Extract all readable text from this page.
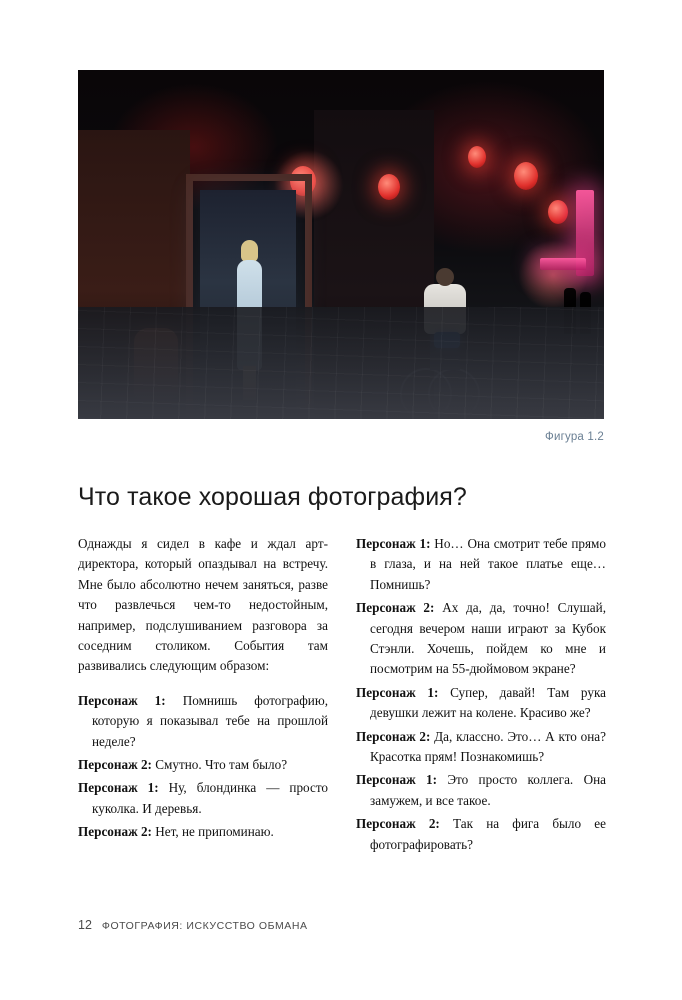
Фигура 1.2
Что такое хорошая фотография?

Однажды я сидел в кафе и ждал арт-директора, который опаздывал на встречу. Мне было абсолютно нечем заняться, разве что развлечься чем-то недостойным, например, подслушиванием разговора за соседним столиком. События там развивались следующим образом:

Персонаж 1: Помнишь фотографию, которую я показывал тебе на прошлой неделе?

Персонаж 2: Смутно. Что там было?

Персонаж 1: Ну, блондинка — просто куколка. И деревья.

Персонаж 2: Нет, не припоминаю.

Персонаж 1: Но… Она смотрит тебе прямо в глаза, и на ней такое платье еще… Помнишь?

Персонаж 2: Ах да, да, точно! Слушай, сегодня вечером наши играют за Кубок Стэнли. Хочешь, пойдем ко мне и посмотрим на 55-дюймовом экране?

Персонаж 1: Супер, давай! Там рука девушки лежит на колене. Красиво же?

Персонаж 2: Да, классно. Это… А кто она? Красотка прям! Познакомишь?

Персонаж 1: Это просто коллега. Она замужем, и все такое.

Персонаж 2: Так на фига было ее фотографировать?

12 ФОТОГРАФИЯ: ИСКУССТВО ОБМАНА
